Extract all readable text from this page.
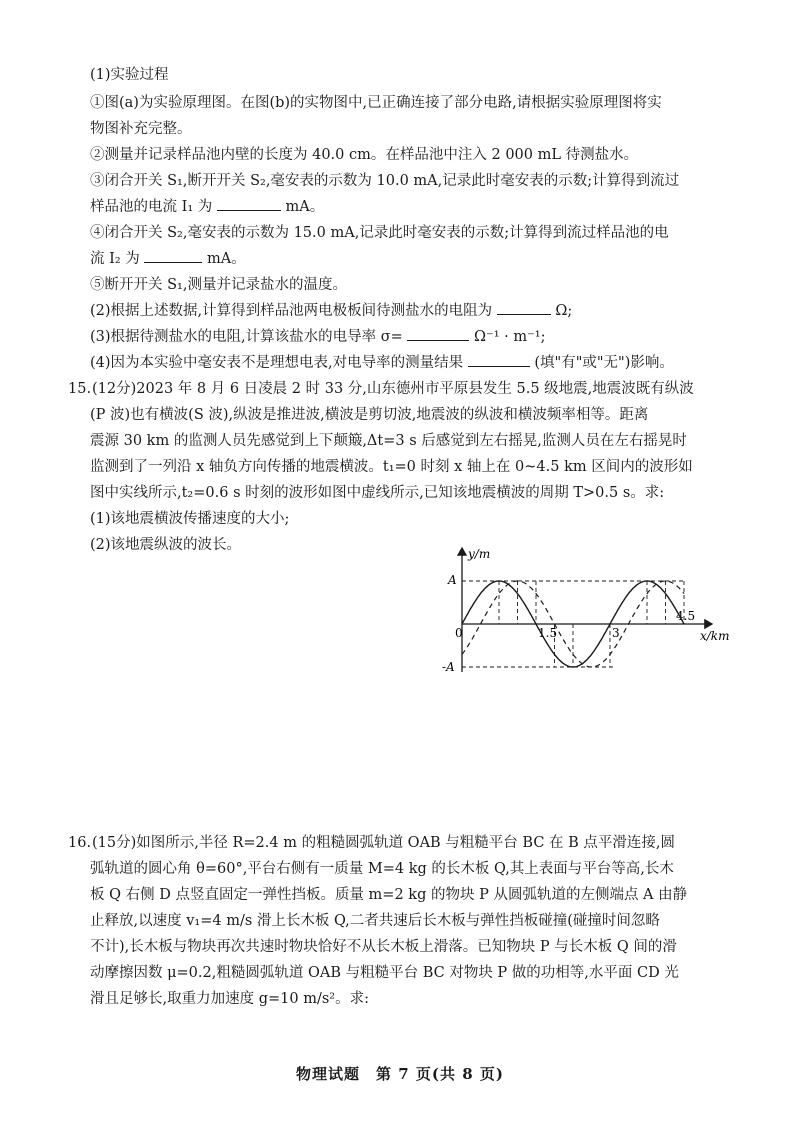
(1)实验过程
①图(a)为实验原理图。在图(b)的实物图中,已正确连接了部分电路,请根据实验原理图将实
物图补充完整。
②测量并记录样品池内壁的长度为 40.0 cm。在样品池中注入 2 000 mL 待测盐水。
③闭合开关 S₁,断开开关 S₂,毫安表的示数为 10.0 mA,记录此时毫安表的示数;计算得到流过
样品池的电流 I₁ 为	mA。
④闭合开关 S₂,毫安表的示数为 15.0 mA,记录此时毫安表的示数;计算得到流过样品池的电
流 I₂ 为	mA。
⑤断开开关 S₁,测量并记录盐水的温度。
(2)根据上述数据,计算得到样品池两电极板间待测盐水的电阻为	Ω;
(3)根据待测盐水的电阻,计算该盐水的电导率 σ=	Ω⁻¹ · m⁻¹;
(4)因为本实验中毫安表不是理想电表,对电导率的测量结果	(填"有"或"无")影响。
15. (12分)2023 年 8 月 6 日凌晨 2 时 33 分,山东德州市平原县发生 5.5 级地震,地震波既有纵波
(P 波)也有横波(S 波),纵波是推进波,横波是剪切波,地震波的纵波和横波频率相等。距离
震源 30 km 的监测人员先感觉到上下颠簸,Δt=3 s 后感觉到左右摇晃,监测人员在左右摇晃时
监测到了一列沿 x 轴负方向传播的地震横波。t₁=0 时刻 x 轴上在 0~4.5 km 区间内的波形如
图中实线所示,t₂=0.6 s 时刻的波形如图中虚线所示,已知该地震横波的周期 T>0.5 s。求:
(1)该地震横波传播速度的大小;
(2)该地震纵波的波长。
y/m
x/km
0
A
-A
1.5	3
4.5
16. (15分)如图所示,半径 R=2.4 m 的粗糙圆弧轨道 OAB 与粗糙平台 BC 在 B 点平滑连接,圆
弧轨道的圆心角 θ=60°,平台右侧有一质量 M=4 kg 的长木板 Q,其上表面与平台等高,长木
板 Q 右侧 D 点竖直固定一弹性挡板。质量 m=2 kg 的物块 P 从圆弧轨道的左侧端点 A 由静
止释放,以速度 v₁=4 m/s 滑上长木板 Q,二者共速后长木板与弹性挡板碰撞(碰撞时间忽略
不计),长木板与物块再次共速时物块恰好不从长木板上滑落。已知物块 P 与长木板 Q 间的滑
动摩擦因数 μ=0.2,粗糙圆弧轨道 OAB 与粗糙平台 BC 对物块 P 做的功相等,水平面 CD 光
滑且足够长,取重力加速度 g=10 m/s²。求:
物理试题　第 7 页(共 8 页)
